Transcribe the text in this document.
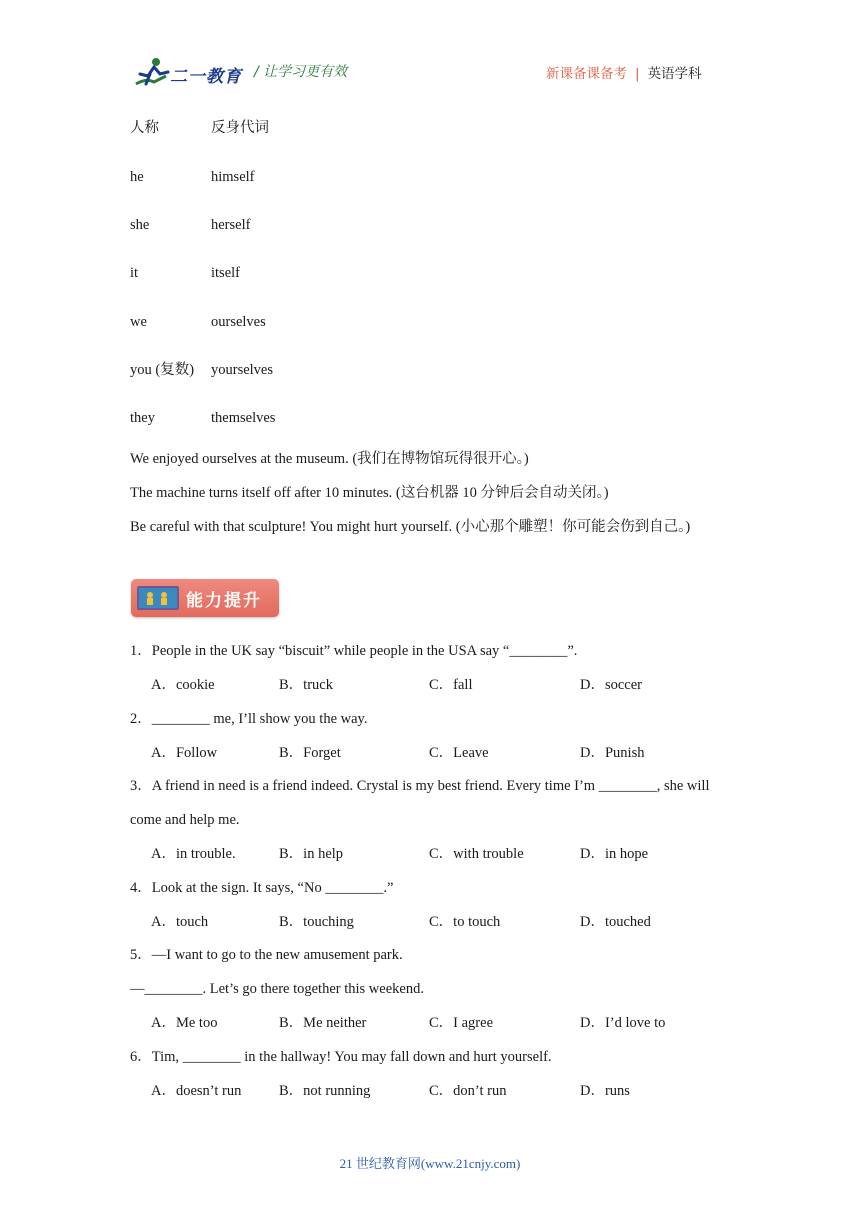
二一教育 / 让学习更有效	新课备课备考 | 英语学科
人称	反身代词
he	himself
she	herself
it	itself
we	ourselves
you (复数) yourselves
they	themselves
We enjoyed ourselves at the museum. (我们在博物馆玩得很开心。)
The machine turns itself off after 10 minutes. (这台机器 10 分钟后会自动关闭。)
Be careful with that sculpture! You might hurt yourself. (小心那个雕塑！你可能会伤到自己。)
能力提升
1．People in the UK say “biscuit” while people in the USA say “________”.
A．cookie	B．truck	C．fall	D．soccer
2．________ me, I’ll show you the way.
A．Follow	B．Forget	C．Leave	D．Punish
3．A friend in need is a friend indeed. Crystal is my best friend. Every time I’m ________, she will
come and help me.
A．in trouble.	B．in help	C．with trouble	D．in hope
4．Look at the sign. It says, “No ________.”
A．touch	B．touching	C．to touch	D．touched
5．—I want to go to the new amusement park.
—________. Let’s go there together this weekend.
A．Me too	B．Me neither	C．I agree	D．I’d love to
6．Tim, ________ in the hallway! You may fall down and hurt yourself.
A．doesn’t run	B．not running	C．don’t run	D．runs
21 世纪教育网(www.21cnjy.com)
